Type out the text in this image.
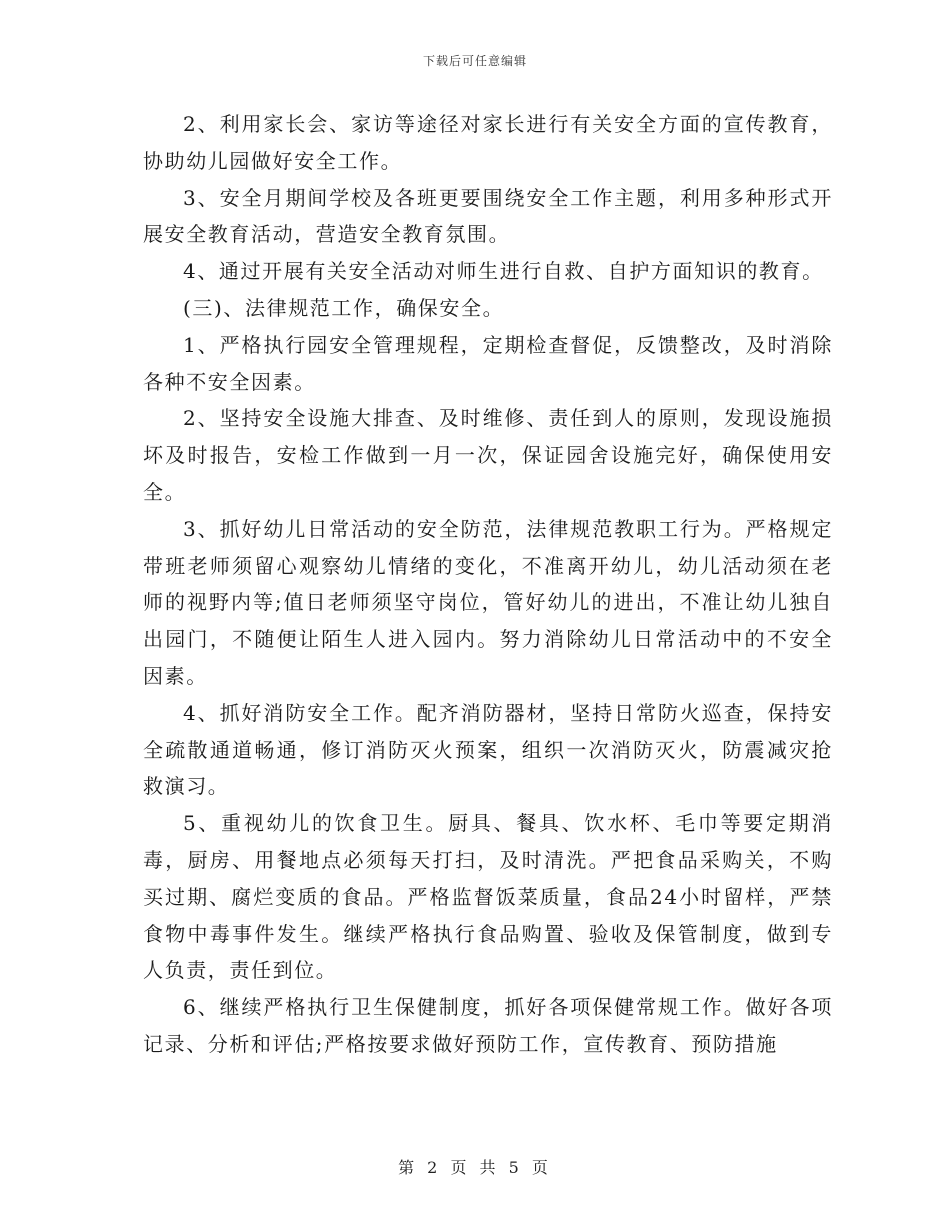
下载后可任意编辑

2、利用家长会、家访等途径对家长进行有关安全方面的宣传教育，协助幼儿园做好安全工作。

3、安全月期间学校及各班更要围绕安全工作主题，利用多种形式开展安全教育活动，营造安全教育氛围。

4、通过开展有关安全活动对师生进行自救、自护方面知识的教育。

(三)、法律规范工作，确保安全。

1、严格执行园安全管理规程，定期检查督促，反馈整改，及时消除各种不安全因素。

2、坚持安全设施大排查、及时维修、责任到人的原则，发现设施损坏及时报告，安检工作做到一月一次，保证园舍设施完好，确保使用安全。

3、抓好幼儿日常活动的安全防范，法律规范教职工行为。严格规定带班老师须留心观察幼儿情绪的变化，不准离开幼儿，幼儿活动须在老师的视野内等;值日老师须坚守岗位，管好幼儿的进出，不准让幼儿独自出园门，不随便让陌生人进入园内。努力消除幼儿日常活动中的不安全因素。

4、抓好消防安全工作。配齐消防器材，坚持日常防火巡查，保持安全疏散通道畅通，修订消防灭火预案，组织一次消防灭火，防震减灾抢救演习。

5、重视幼儿的饮食卫生。厨具、餐具、饮水杯、毛巾等要定期消毒，厨房、用餐地点必须每天打扫，及时清洗。严把食品采购关，不购买过期、腐烂变质的食品。严格监督饭菜质量，食品24小时留样，严禁食物中毒事件发生。继续严格执行食品购置、验收及保管制度，做到专人负责，责任到位。

6、继续严格执行卫生保健制度，抓好各项保健常规工作。做好各项记录、分析和评估;严格按要求做好预防工作，宣传教育、预防措施

第 2 页 共 5 页
